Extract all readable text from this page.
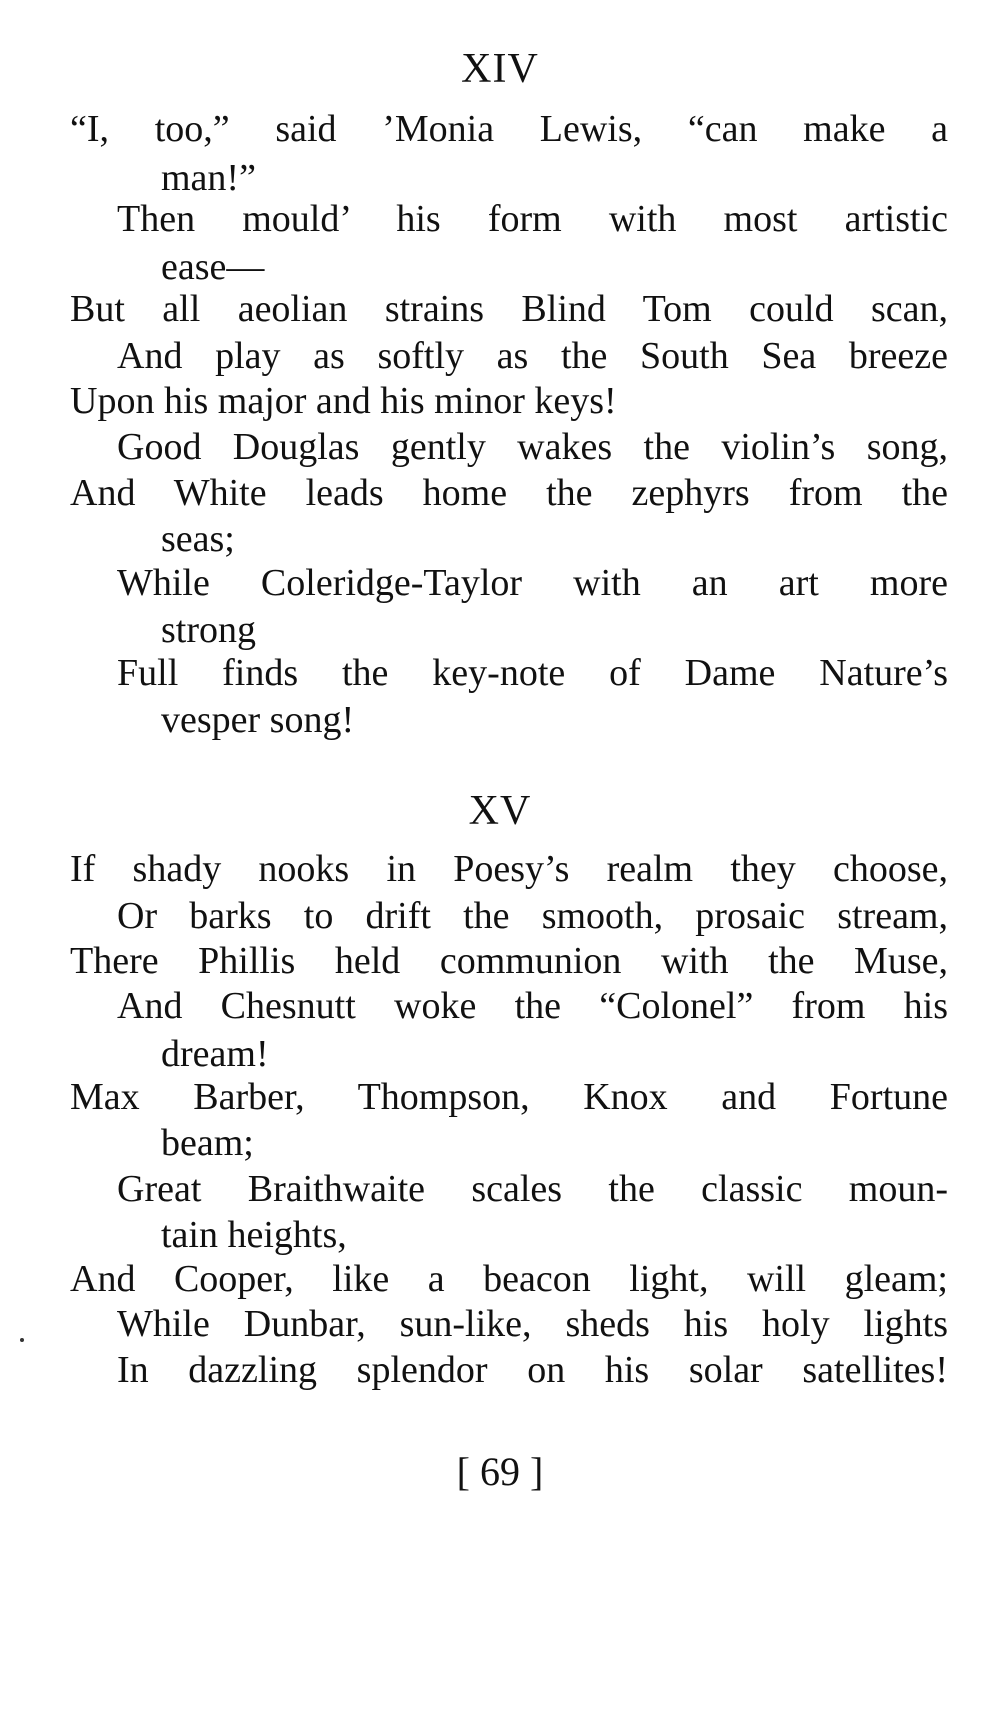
XIV
“I, too,” said ’Monia Lewis, “can make a
man!”
Then mould’ his form with most artistic
ease—
But all aeolian strains Blind Tom could scan,
And play as softly as the South Sea breeze
Upon his major and his minor keys!
Good Douglas gently wakes the violin’s song,
And White leads home the zephyrs from the
seas;
While Coleridge-Taylor with an art more
strong
Full finds the key-note of Dame Nature’s
vesper song!
XV
If shady nooks in Poesy’s realm they choose,
Or barks to drift the smooth, prosaic stream,
There Phillis held communion with the Muse,
And Chesnutt woke the “Colonel” from his
dream!
Max Barber, Thompson, Knox and Fortune
beam;
Great Braithwaite scales the classic moun-
tain heights,
And Cooper, like a beacon light, will gleam;
While Dunbar, sun-like, sheds his holy lights
In dazzling splendor on his solar satellites!
[ 69 ]
